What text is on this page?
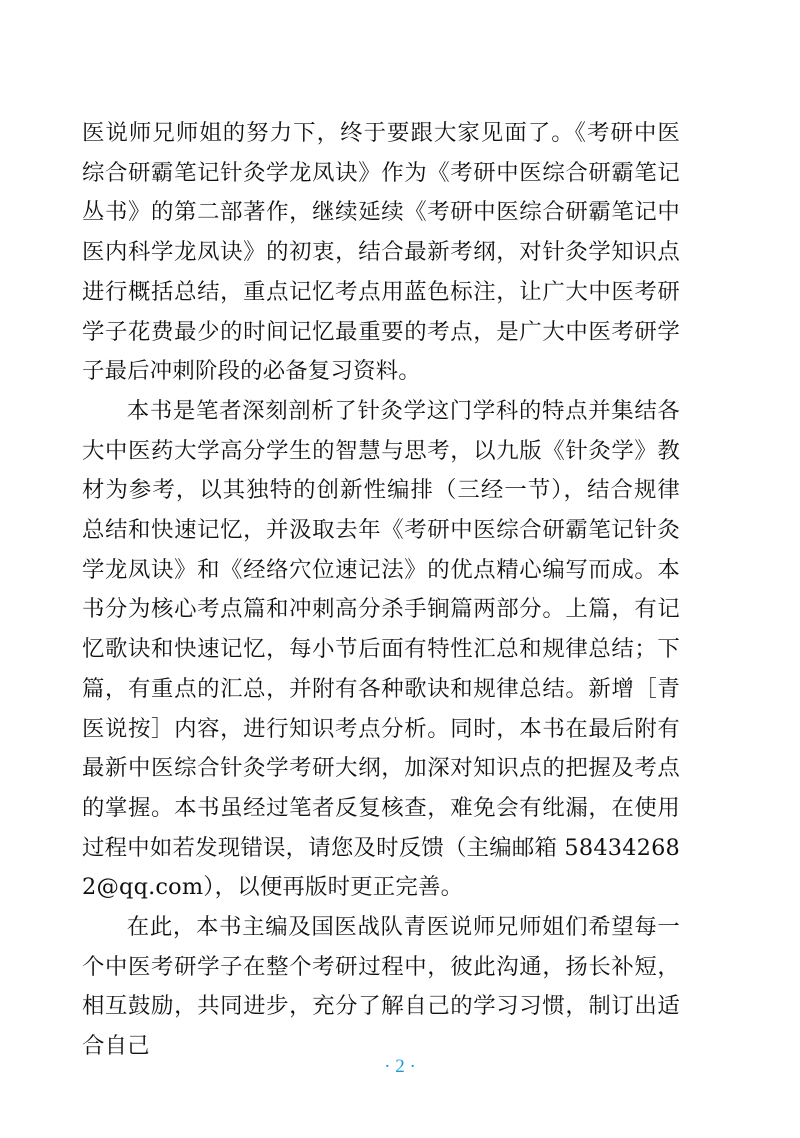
医说师兄师姐的努力下，终于要跟大家见面了。《考研中医综合研霸笔记针灸学龙凤诀》作为《考研中医综合研霸笔记丛书》的第二部著作，继续延续《考研中医综合研霸笔记中医内科学龙凤诀》的初衷，结合最新考纲，对针灸学知识点进行概括总结，重点记忆考点用蓝色标注，让广大中医考研学子花费最少的时间记忆最重要的考点，是广大中医考研学子最后冲刺阶段的必备复习资料。

本书是笔者深刻剖析了针灸学这门学科的特点并集结各大中医药大学高分学生的智慧与思考，以九版《针灸学》教材为参考，以其独特的创新性编排（三经一节），结合规律总结和快速记忆，并汲取去年《考研中医综合研霸笔记针灸学龙凤诀》和《经络穴位速记法》的优点精心编写而成。本书分为核心考点篇和冲刺高分杀手锏篇两部分。上篇，有记忆歌诀和快速记忆，每小节后面有特性汇总和规律总结；下篇，有重点的汇总，并附有各种歌诀和规律总结。新增［青医说按］内容，进行知识考点分析。同时，本书在最后附有最新中医综合针灸学考研大纲，加深对知识点的把握及考点的掌握。本书虽经过笔者反复核查，难免会有纰漏，在使用过程中如若发现错误，请您及时反馈（主编邮箱 584342682@qq.com），以便再版时更正完善。

在此，本书主编及国医战队青医说师兄师姐们希望每一个中医考研学子在整个考研过程中，彼此沟通，扬长补短，相互鼓励，共同进步，充分了解自己的学习习惯，制订出适合自己

· 2 ·
